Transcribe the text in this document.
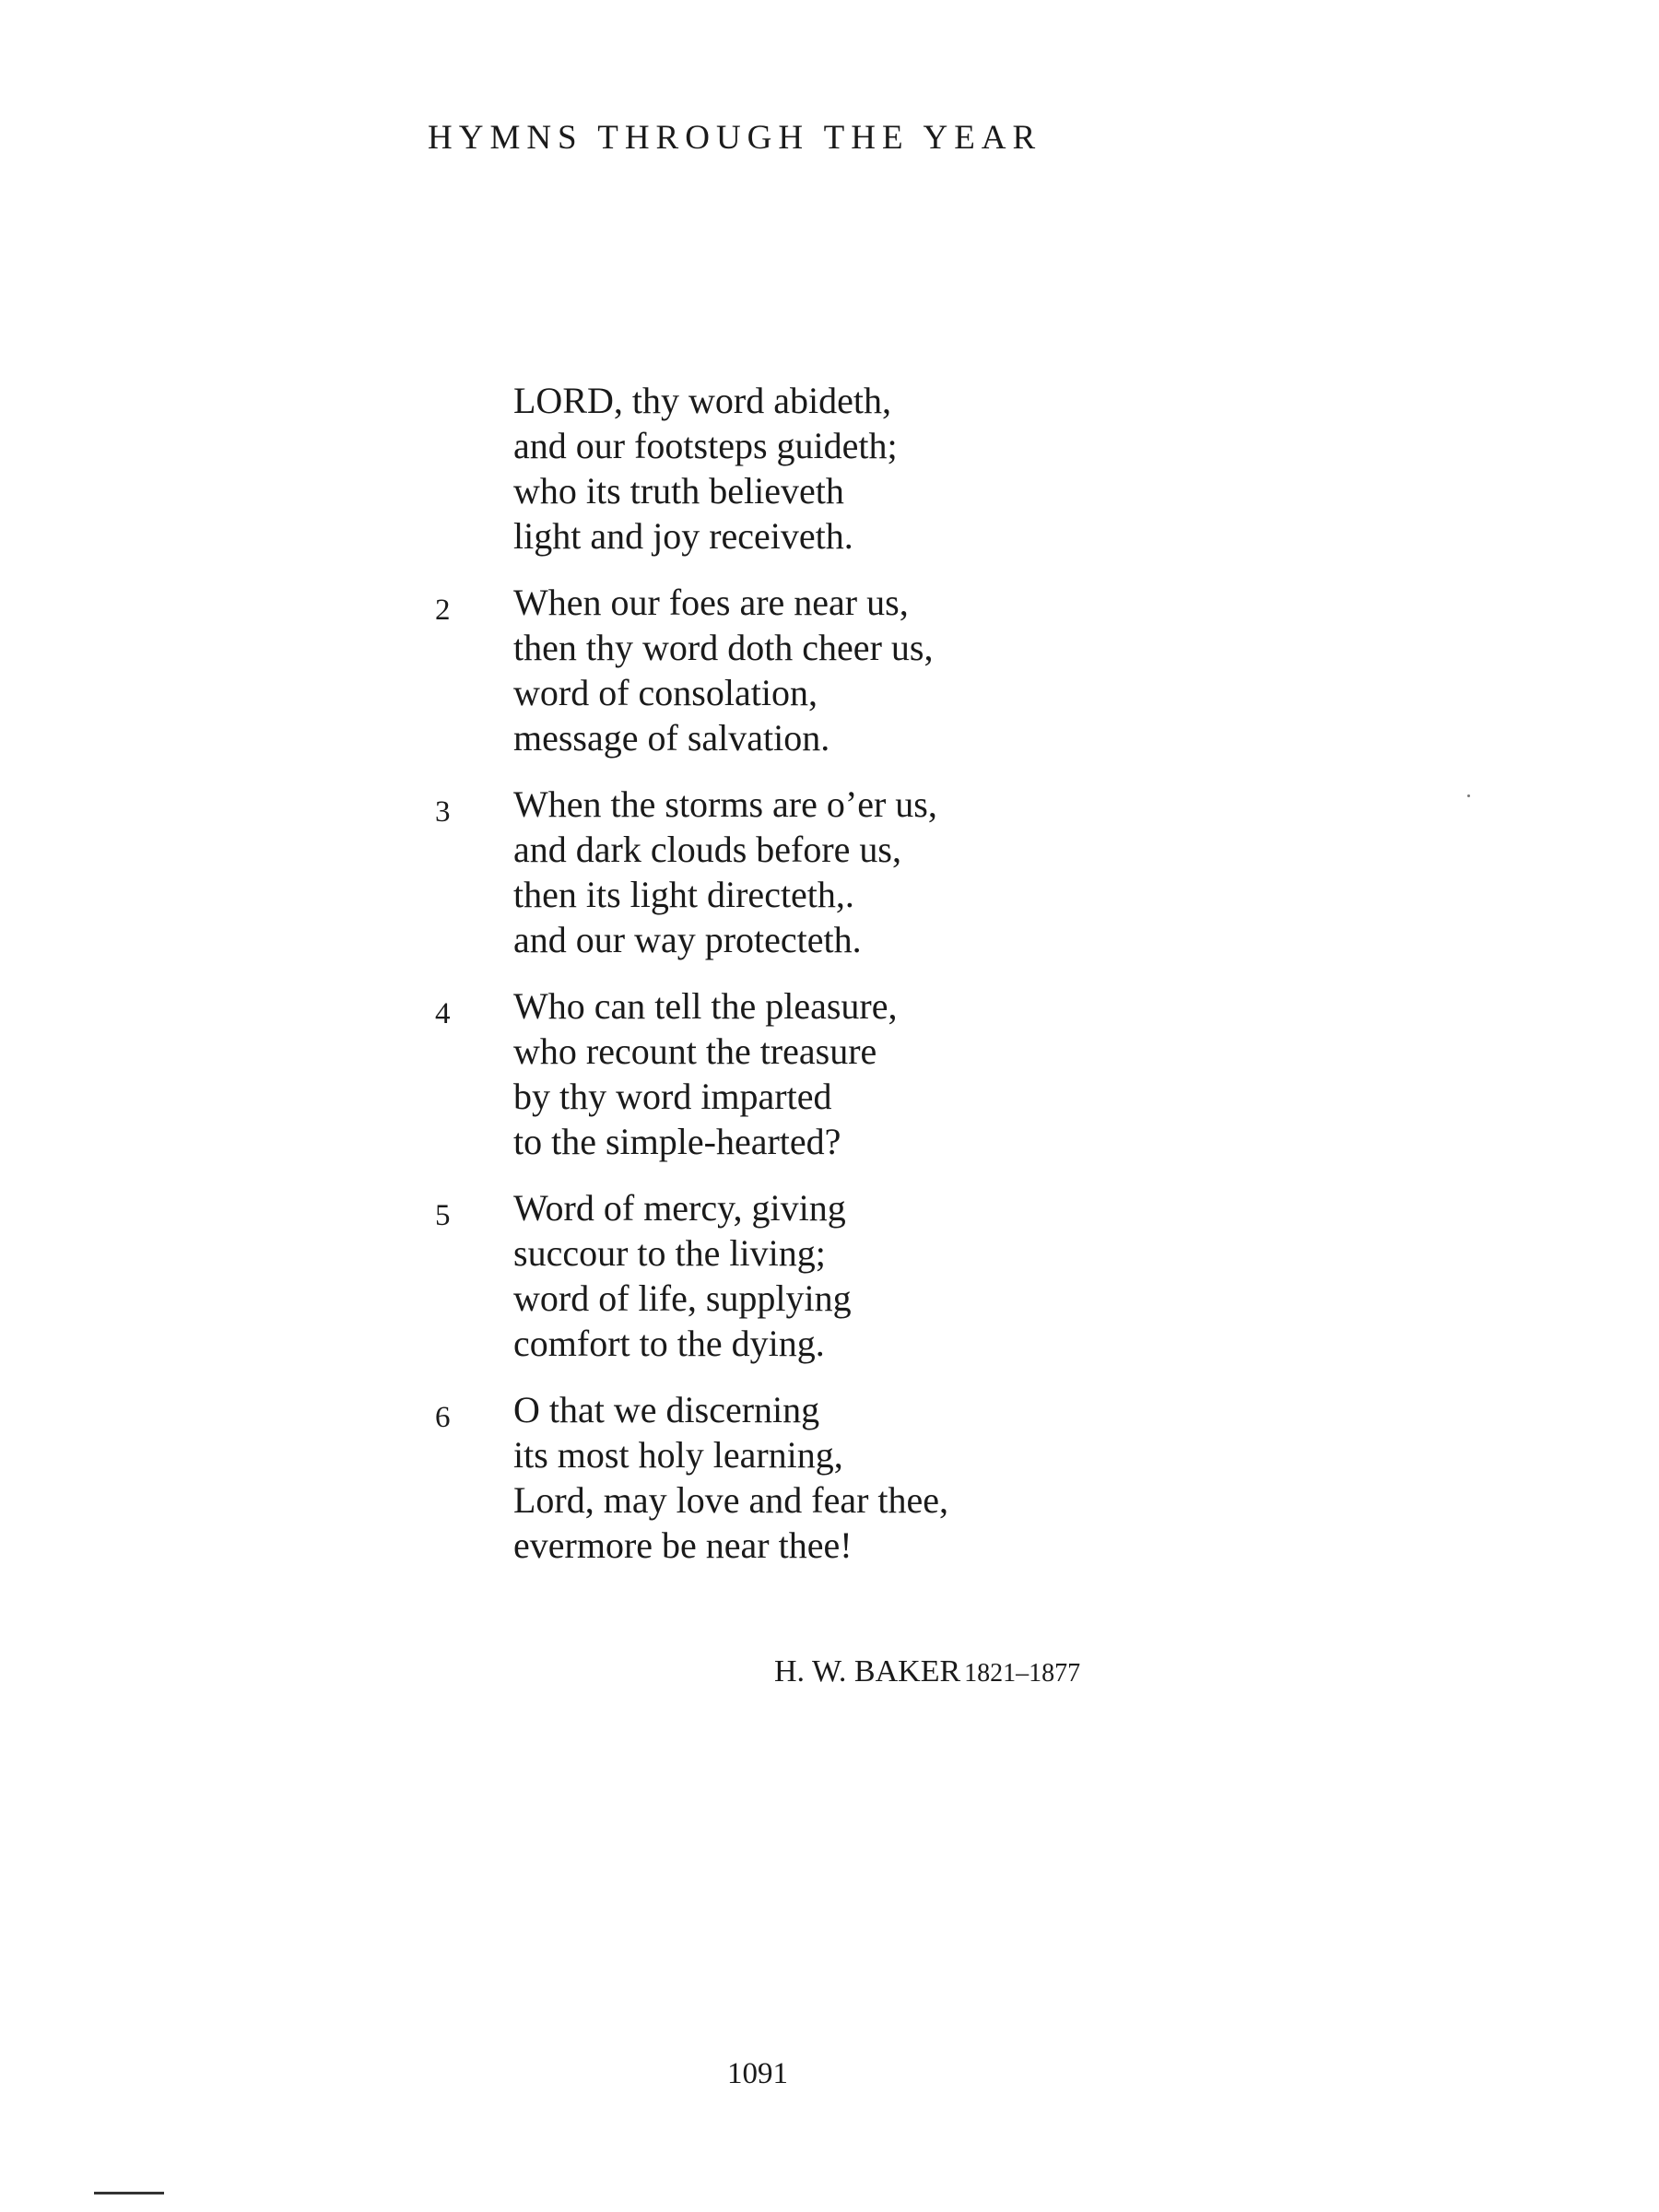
HYMNS THROUGH THE YEAR
LORD, thy word abideth,
and our footsteps guideth;
who its truth believeth
light and joy receiveth.
2	When our foes are near us,
then thy word doth cheer us,
word of consolation,
message of salvation.
3	When the storms are o’er us,
and dark clouds before us,
then its light directeth,.
and our way protecteth.
4	Who can tell the pleasure,
who recount the treasure
by thy word imparted
to the simple-hearted?
5	Word of mercy, giving
succour to the living;
word of life, supplying
comfort to the dying.
6	O that we discerning
its most holy learning,
Lord, may love and fear thee,
evermore be near thee!
H. W. BAKER 1821–1877
1091
